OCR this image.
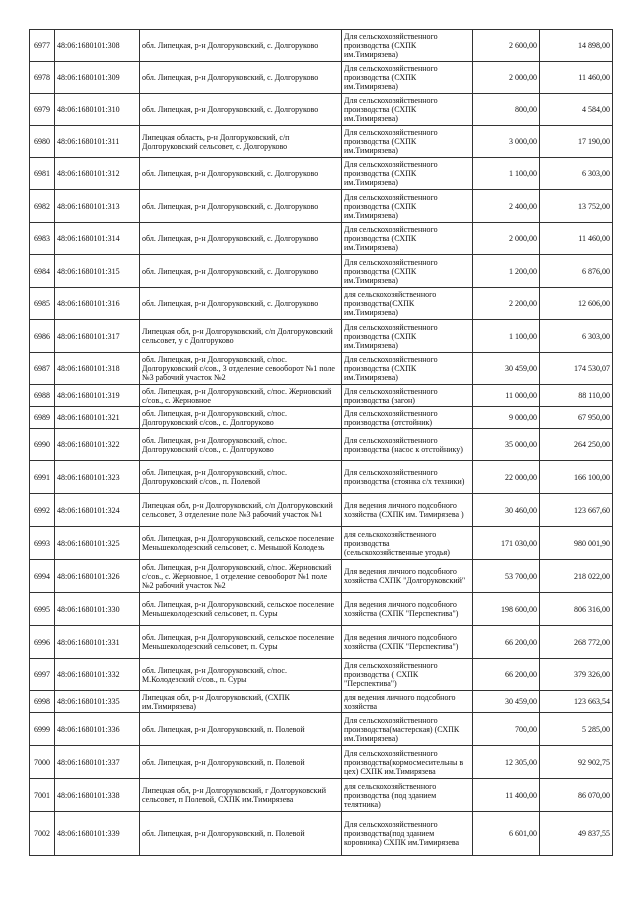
6977	48:06:1680101:308	обл. Липецкая, р-н Долгоруковский, с. Долгоруково	Для сельскохозяйственного производства (СХПК им.Тимирязева)	2 600,00	14 898,00
6978	48:06:1680101:309	обл. Липецкая, р-н Долгоруковский, с. Долгоруково	Для сельскохозяйственного производства (СХПК им.Тимирязева)	2 000,00	11 460,00
6979	48:06:1680101:310	обл. Липецкая, р-н Долгоруковский, с. Долгоруково	Для сельскохозяйственного производства (СХПК им.Тимирязева)	800,00	4 584,00
6980	48:06:1680101:311	Липецкая область, р-н Долгоруковский, с/п Долгоруковский сельсовет, с. Долгоруково	Для сельскохозяйственного производства (СХПК им.Тимирязева)	3 000,00	17 190,00
6981	48:06:1680101:312	обл. Липецкая, р-н Долгоруковский, с. Долгоруково	Для сельскохозяйственного производства (СХПК им.Тимирязева)	1 100,00	6 303,00
6982	48:06:1680101:313	обл. Липецкая, р-н Долгоруковский, с. Долгоруково	Для сельскохозяйственного производства (СХПК им.Тимирязева)	2 400,00	13 752,00
6983	48:06:1680101:314	обл. Липецкая, р-н Долгоруковский, с. Долгоруково	Для сельскохозяйственного производства (СХПК им.Тимирязева)	2 000,00	11 460,00
6984	48:06:1680101:315	обл. Липецкая, р-н Долгоруковский, с. Долгоруково	Для сельскохозяйственного производства (СХПК им.Тимирязева)	1 200,00	6 876,00
6985	48:06:1680101:316	обл. Липецкая, р-н Долгоруковский, с. Долгоруково	для сельскохозяйственного производства(СХПК им.Тимирязева)	2 200,00	12 606,00
6986	48:06:1680101:317	Липецкая обл, р-н Долгоруковский, с/п Долгоруковский сельсовет, у с Долгоруково	Для сельскохозяйственного производства (СХПК им.Тимирязева)	1 100,00	6 303,00
6987	48:06:1680101:318	обл. Липецкая, р-н Долгоруковский, с/пос. Долгоруковский с/сов., 3 отделение севооборот №1 поле №3 рабочий участок №2	Для сельскохозяйственного производства (СХПК им.Тимирязева)	30 459,00	174 530,07
6988	48:06:1680101:319	обл. Липецкая, р-н Долгоруковский, с/пос. Жерновский с/сов., с. Жерновное	Для сельскохозяйственного производства (загон)	11 000,00	88 110,00
6989	48:06:1680101:321	обл. Липецкая, р-н Долгоруковский, с/пос. Долгоруковский с/сов., с. Долгоруково	Для сельскохозяйственного производства (отстойник)	9 000,00	67 950,00
6990	48:06:1680101:322	обл. Липецкая, р-н Долгоруковский, с/пос. Долгоруковский с/сов., с. Долгоруково	Для сельскохозяйственного производства (насос к отстойнику)	35 000,00	264 250,00
6991	48:06:1680101:323	обл. Липецкая, р-н Долгоруковский, с/пос. Долгоруковский с/сов., п. Полевой	Для сельскохозяйственного производства (стоянка с/х техники)	22 000,00	166 100,00
6992	48:06:1680101:324	Липецкая обл, р-н Долгоруковский, с/п Долгоруковский сельсовет, 3 отделение поле №3 рабочий участок №1	Для ведения личного подсобного хозяйства (СХПК им. Тимирязева )	30 460,00	123 667,60
6993	48:06:1680101:325	обл. Липецкая, р-н Долгоруковский, сельское поселение Меньшеколодезский сельсовет, с. Меньшой Колодезь	для сельскохозяйственного производства (сельскохозяйственные угодья)	171 030,00	980 001,90
6994	48:06:1680101:326	обл. Липецкая, р-н Долгоруковский, с/пос. Жерновский с/сов., с. Жерновное, 1 отделение севооборот №1 поле №2 рабочий участок №2	Для ведения личного подсобного хозяйства СХПК "Долгоруковский"	53 700,00	218 022,00
6995	48:06:1680101:330	обл. Липецкая, р-н Долгоруковский, сельское поселение Меньшеколодезский сельсовет, п. Суры	Для ведения личного подсобного хозяйства (СХПК "Перспектива")	198 600,00	806 316,00
6996	48:06:1680101:331	обл. Липецкая, р-н Долгоруковский, сельское поселение Меньшеколодезский сельсовет, п. Суры	Для ведения личного подсобного хозяйства (СХПК "Перспектива")	66 200,00	268 772,00
6997	48:06:1680101:332	обл. Липецкая, р-н Долгоруковский, с/пос. М.Колодезский с/сов., п. Суры	Для сельскохозяйственного производства ( СХПК "Перспектива")	66 200,00	379 326,00
6998	48:06:1680101:335	Липецкая обл, р-н Долгоруковский, (СХПК им.Тимирязева)	для ведения личного подсобного хозяйства	30 459,00	123 663,54
6999	48:06:1680101:336	обл. Липецкая, р-н Долгоруковский, п. Полевой	Для сельскохозяйственного производства(мастерская) (СХПК им.Тимирязева)	700,00	5 285,00
7000	48:06:1680101:337	обл. Липецкая, р-н Долгоруковский, п. Полевой	Для сельскохозяйственного производства(кормосмесительны в цех) СХПК им.Тимирязева	12 305,00	92 902,75
7001	48:06:1680101:338	Липецкая обл, р-н Долгоруковский, г Долгоруковский сельсовет, п Полевой, СХПК им.Тимирязева	для сельскохозяйственного производства (под зданием телятника)	11 400,00	86 070,00
7002	48:06:1680101:339	обл. Липецкая, р-н Долгоруковский, п. Полевой	Для сельскохозяйственного производства(под зданием коровника) СХПК им.Тимирязева	6 601,00	49 837,55
